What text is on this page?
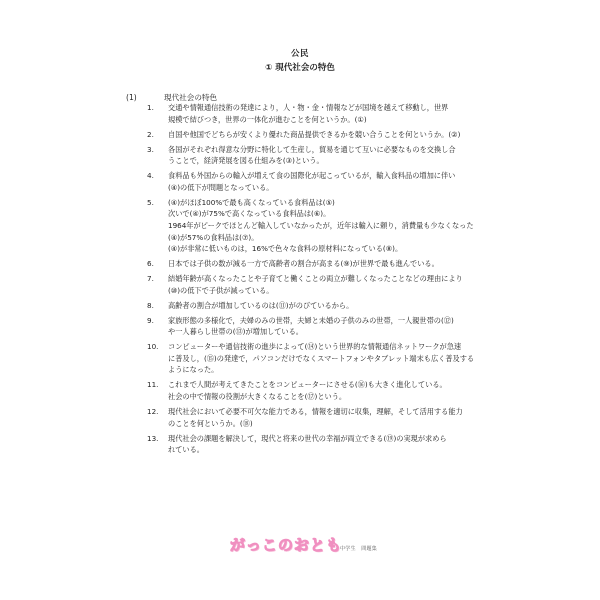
公民
① 現代社会の特色
(1)	現代社会の特色
1. 交通や情報通信技術の発達により，人・物・金・情報などが国境を越えて移動し，世界
規模で結びつき，世界の一体化が進むことを何というか。(①)
2. 自国や他国でどちらが安くより優れた商品提供できるかを競い合うことを何というか。(②)
3. 各国がそれぞれ得意な分野に特化して生産し，貿易を通じて互いに必要なものを交換し合
うことで，経済発展を図る仕組みを(③)という。
4. 食料品も外国からの輸入が増えて食の国際化が起こっているが，輸入食料品の増加に伴い
(④)の低下が問題となっている。
5. (④)がほぼ100%で最も高くなっている食料品は(⑤)
次いで(④)が75%で高くなっている食料品は(⑥)。
1964年がピークでほとんど輸入していなかったが，近年は輸入に頼り，消費量も少なくなった
(④)が57%の食料品は(⑦)。
(④)が非常に低いものは，16%で色々な食料の原材料になっている(⑧)。
6. 日本では子供の数が減る一方で高齢者の割合が高まる(⑨)が世界で最も進んでいる。
7. 結婚年齢が高くなったことや子育てと働くことの両立が難しくなったことなどの理由により
(⑩)の低下で子供が減っている。
8. 高齢者の割合が増加しているのは(⑪)がのびているから。
9. 家族形態の多様化で，夫婦のみの世帯，夫婦と未婚の子供のみの世帯，一人親世帯の(⑫)
や一人暮らし世帯の(⑬)が増加している。
10. コンピューターや通信技術の進歩によって(⑭)という世界的な情報通信ネットワークが急速
に普及し，(⑮)の発達で，パソコンだけでなくスマートフォンやタブレット端末も広く普及する
ようになった。
11. これまで人間が考えてきたことをコンピューターにさせる(⑯)も大きく進化している。
社会の中で情報の役割が大きくなることを(⑰)という。
12. 現代社会において必要不可欠な能力である，情報を適切に収集，理解，そして活用する能力
のことを何というか。(⑱)
13. 現代社会の課題を解決して，現代と将来の世代の幸福が両立できる(⑲)の実現が求めら
れている。
がっこのおとも
中学生　問題集
